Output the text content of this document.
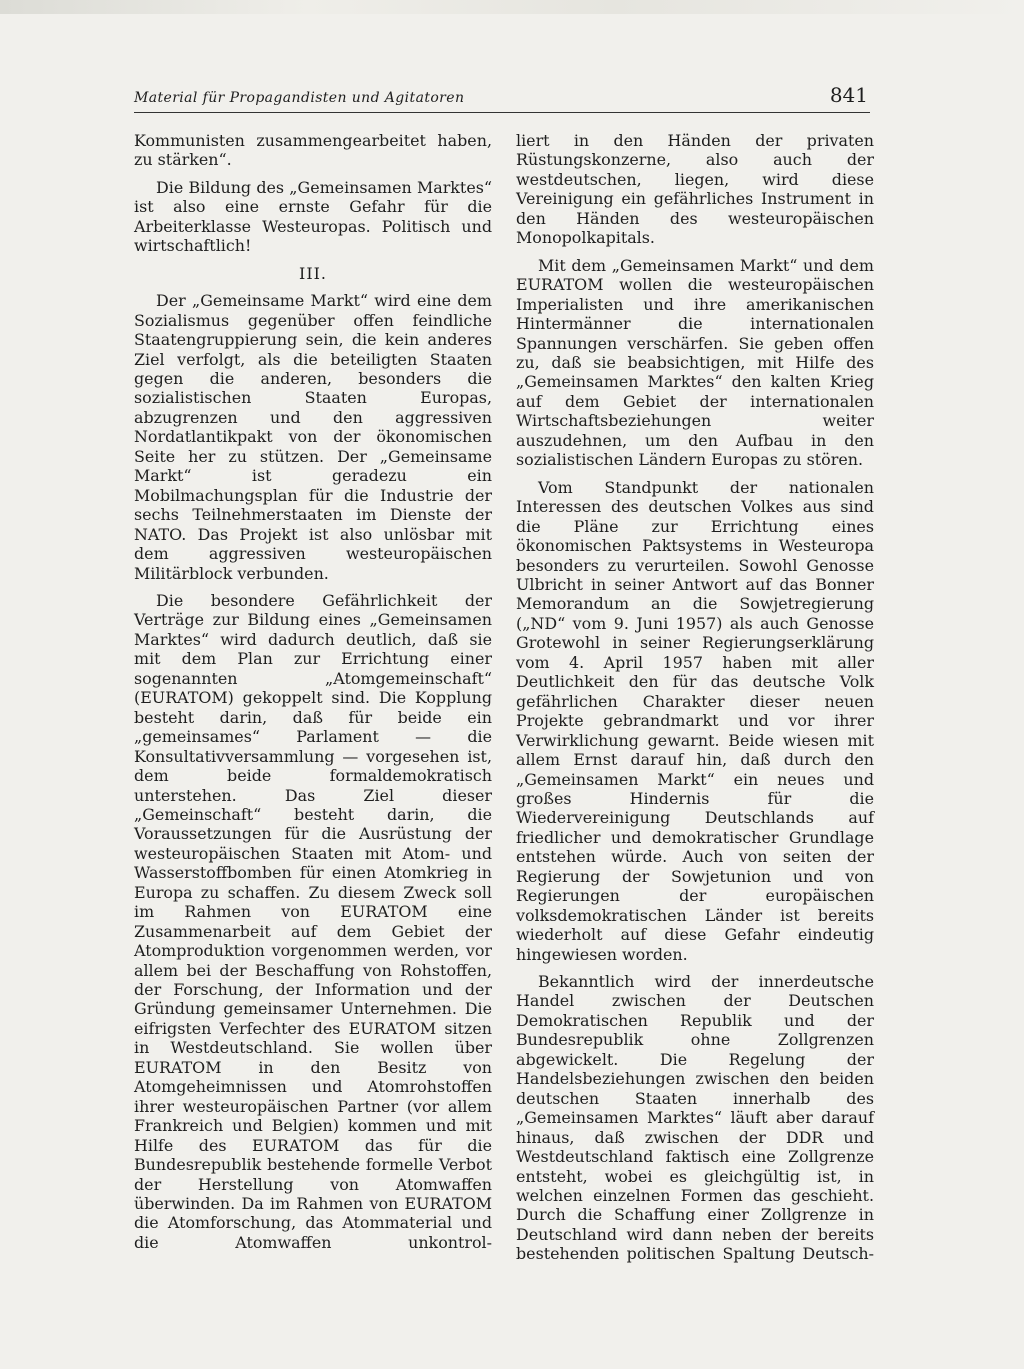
Material für Propagandisten und Agitatoren	841

Kommunisten zusammengearbeitet haben, zu stärken“.

Die Bildung des „Gemeinsamen Marktes“ ist also eine ernste Gefahr für die Arbeiterklasse Westeuropas. Politisch und wirtschaftlich!

III.

Der „Gemeinsame Markt“ wird eine dem Sozialismus gegenüber offen feindliche Staatengruppierung sein, die kein anderes Ziel verfolgt, als die beteiligten Staaten gegen die anderen, besonders die sozialistischen Staaten Europas, abzugrenzen und den aggressiven Nordatlantikpakt von der ökonomischen Seite her zu stützen. Der „Gemeinsame Markt“ ist geradezu ein Mobilmachungsplan für die Industrie der sechs Teilnehmerstaaten im Dienste der NATO. Das Projekt ist also unlösbar mit dem aggressiven westeuropäischen Militärblock verbunden.

Die besondere Gefährlichkeit der Verträge zur Bildung eines „Gemeinsamen Marktes“ wird dadurch deutlich, daß sie mit dem Plan zur Errichtung einer sogenannten „Atomgemeinschaft“ (EURATOM) gekoppelt sind. Die Kopplung besteht darin, daß für beide ein „gemeinsames“ Parlament — die Konsultativversammlung — vorgesehen ist, dem beide formaldemokratisch unterstehen. Das Ziel dieser „Gemeinschaft“ besteht darin, die Voraussetzungen für die Ausrüstung der westeuropäischen Staaten mit Atom- und Wasserstoffbomben für einen Atomkrieg in Europa zu schaffen. Zu diesem Zweck soll im Rahmen von EURATOM eine Zusammenarbeit auf dem Gebiet der Atomproduktion vorgenommen werden, vor allem bei der Beschaffung von Rohstoffen, der Forschung, der Information und der Gründung gemeinsamer Unternehmen. Die eifrigsten Verfechter des EURATOM sitzen in Westdeutschland. Sie wollen über EURATOM in den Besitz von Atomgeheimnissen und Atomrohstoffen ihrer westeuropäischen Partner (vor allem Frankreich und Belgien) kommen und mit Hilfe des EURATOM das für die Bundesrepublik bestehende formelle Verbot der Herstellung von Atomwaffen überwinden. Da im Rahmen von EURATOM die Atomforschung, das Atommaterial und die Atomwaffen unkontrol-

liert in den Händen der privaten Rüstungskonzerne, also auch der westdeutschen, liegen, wird diese Vereinigung ein gefährliches Instrument in den Händen des westeuropäischen Monopolkapitals.

Mit dem „Gemeinsamen Markt“ und dem EURATOM wollen die westeuropäischen Imperialisten und ihre amerikanischen Hintermänner die internationalen Spannungen verschärfen. Sie geben offen zu, daß sie beabsichtigen, mit Hilfe des „Gemeinsamen Marktes“ den kalten Krieg auf dem Gebiet der internationalen Wirtschaftsbeziehungen weiter auszudehnen, um den Aufbau in den sozialistischen Ländern Europas zu stören.

Vom Standpunkt der nationalen Interessen des deutschen Volkes aus sind die Pläne zur Errichtung eines ökonomischen Paktsystems in Westeuropa besonders zu verurteilen. Sowohl Genosse Ulbricht in seiner Antwort auf das Bonner Memorandum an die Sowjetregierung („ND“ vom 9. Juni 1957) als auch Genosse Grotewohl in seiner Regierungserklärung vom 4. April 1957 haben mit aller Deutlichkeit den für das deutsche Volk gefährlichen Charakter dieser neuen Projekte gebrandmarkt und vor ihrer Verwirklichung gewarnt. Beide wiesen mit allem Ernst darauf hin, daß durch den „Gemeinsamen Markt“ ein neues und großes Hindernis für die Wiedervereinigung Deutschlands auf friedlicher und demokratischer Grundlage entstehen würde. Auch von seiten der Regierung der Sowjetunion und von Regierungen der europäischen volksdemokratischen Länder ist bereits wiederholt auf diese Gefahr eindeutig hingewiesen worden.

Bekanntlich wird der innerdeutsche Handel zwischen der Deutschen Demokratischen Republik und der Bundesrepublik ohne Zollgrenzen abgewickelt. Die Regelung der Handelsbeziehungen zwischen den beiden deutschen Staaten innerhalb des „Gemeinsamen Marktes“ läuft aber darauf hinaus, daß zwischen der DDR und Westdeutschland faktisch eine Zollgrenze entsteht, wobei es gleichgültig ist, in welchen einzelnen Formen das geschieht. Durch die Schaffung einer Zollgrenze in Deutschland wird dann neben der bereits bestehenden politischen Spaltung Deutsch-
